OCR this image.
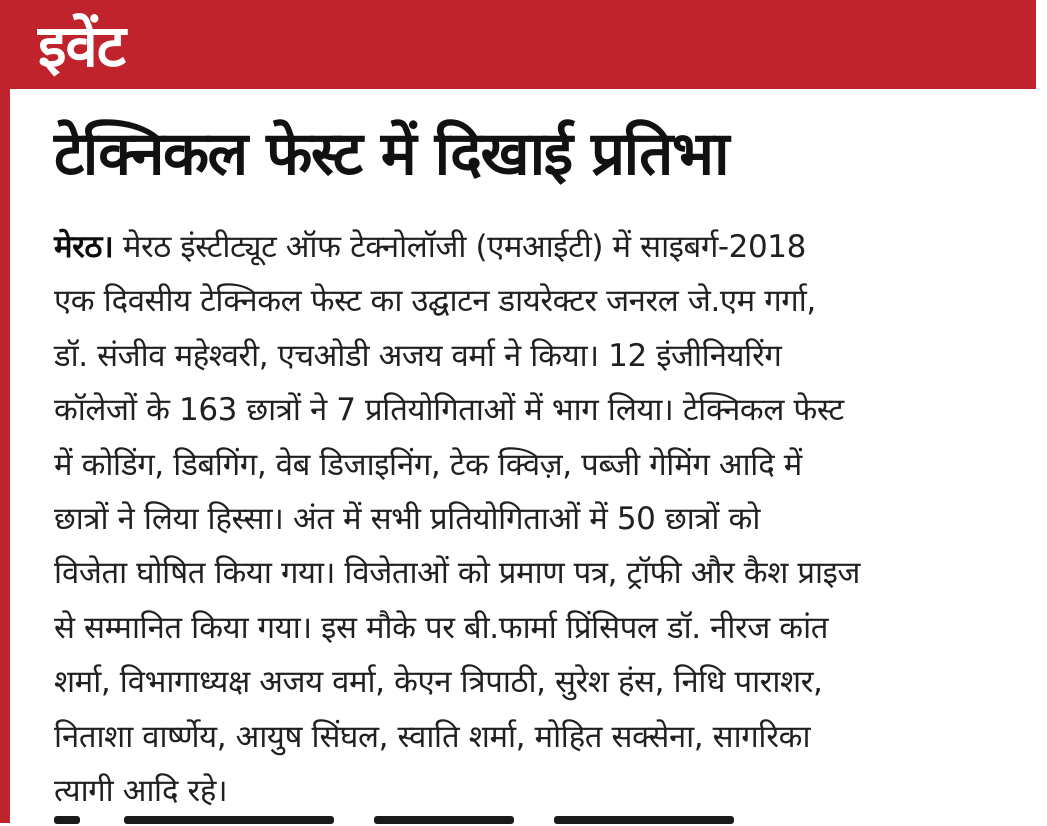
इवेंट
टेक्निकल फेस्ट में दिखाई प्रतिभा
मेरठ। मेरठ इंस्टीट्यूट ऑफ टेक्नोलॉजी (एमआईटी) में साइबर्ग-2018
एक दिवसीय टेक्निकल फेस्ट का उद्घाटन डायरेक्टर जनरल जे.एम गर्गा,
डॉ. संजीव महेश्वरी, एचओडी अजय वर्मा ने किया। 12 इंजीनियरिंग
कॉलेजों के 163 छात्रों ने 7 प्रतियोगिताओं में भाग लिया। टेक्निकल फेस्ट
में कोडिंग, डिबगिंग, वेब डिजाइनिंग, टेक क्विज़, पब्जी गेमिंग आदि में
छात्रों ने लिया हिस्सा। अंत में सभी प्रतियोगिताओं में 50 छात्रों को
विजेता घोषित किया गया। विजेताओं को प्रमाण पत्र, ट्रॉफी और कैश प्राइज
से सम्मानित किया गया। इस मौके पर बी.फार्मा प्रिंसिपल डॉ. नीरज कांत
शर्मा, विभागाध्यक्ष अजय वर्मा, केएन त्रिपाठी, सुरेश हंस, निधि पाराशर,
निताशा वार्ष्णेय, आयुष सिंघल, स्वाति शर्मा, मोहित सक्सेना, सागरिका
त्यागी आदि रहे।
